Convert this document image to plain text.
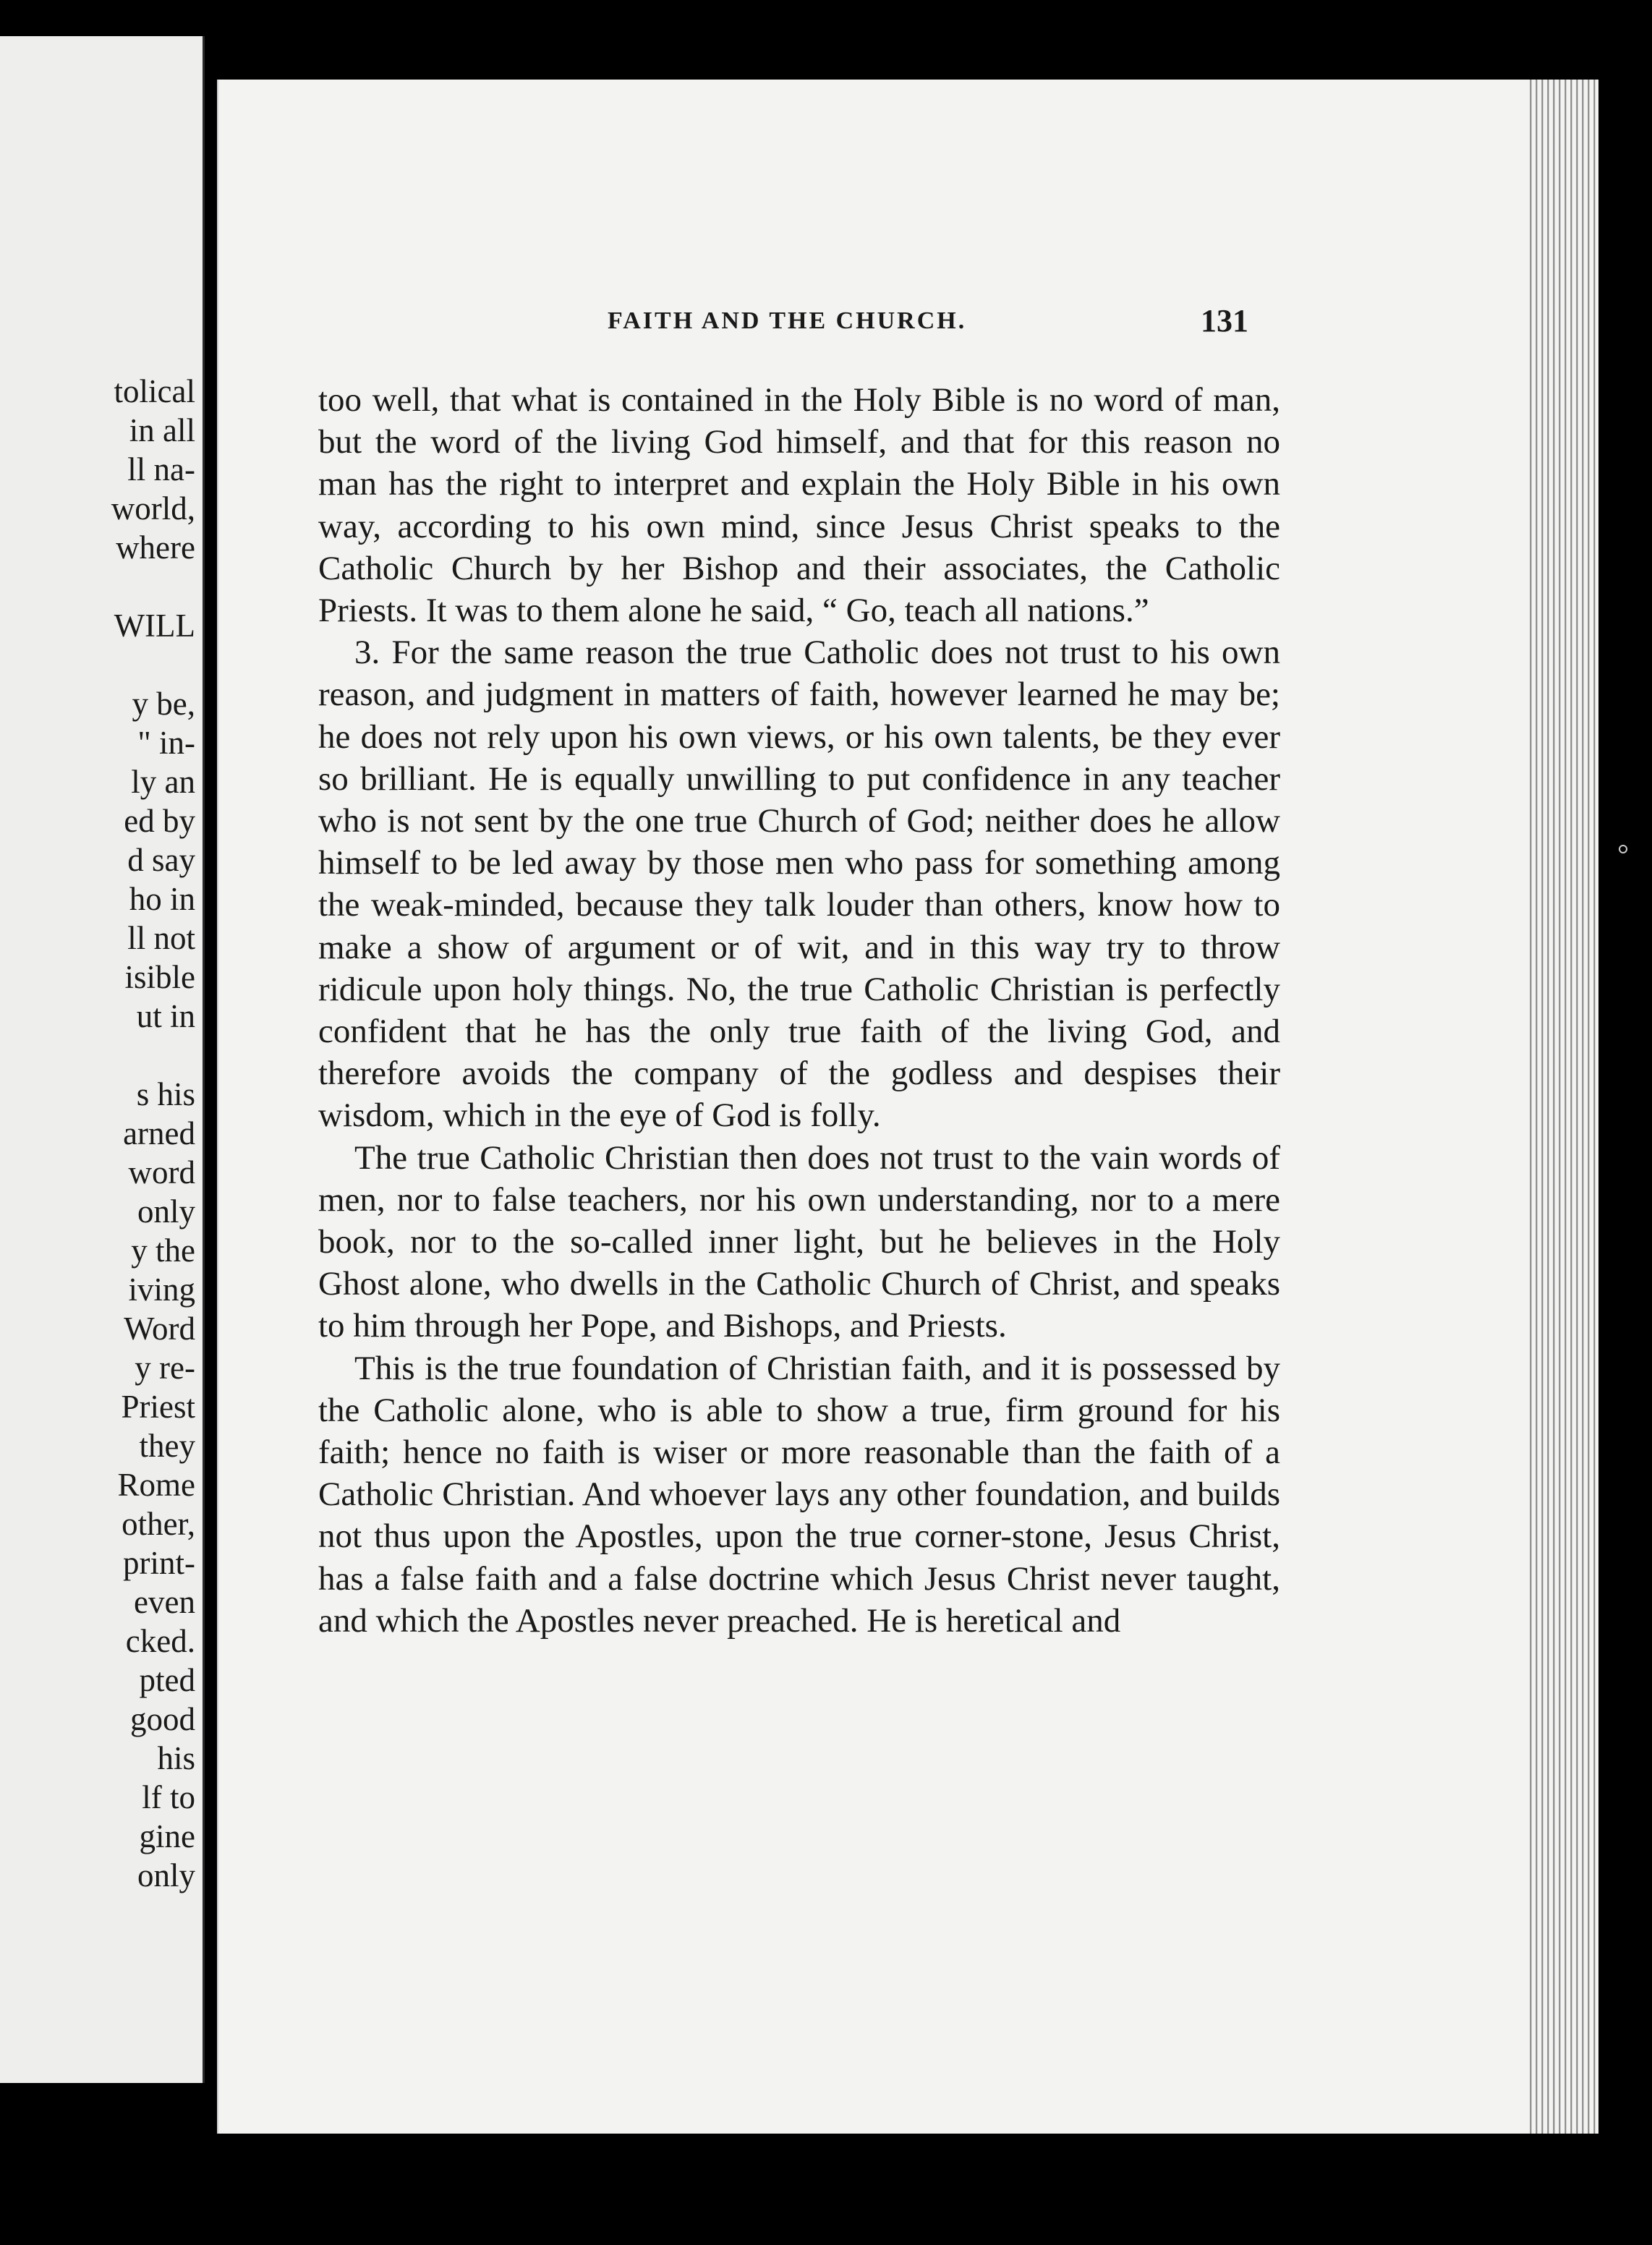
tolical
in all
ll na-
world,
where

WILL

y be,
" in-
ly an
ed by
d say
ho in
ll not
isible
ut in

s his
arned
word
only
y the
iving
Word
y re-
Priest
they
Rome
other,
print-
even
cked.
pted
good
his
lf to
gine
only
FAITH AND THE CHURCH.	131

too well, that what is contained in the Holy Bible is no word of man, but the word of the living God himself, and that for this reason no man has the right to interpret and explain the Holy Bible in his own way, according to his own mind, since Jesus Christ speaks to the Catholic Church by her Bishop and their associates, the Catholic Priests. It was to them alone he said, “ Go, teach all nations.”

3. For the same reason the true Catholic does not trust to his own reason, and judgment in matters of faith, however learned he may be; he does not rely upon his own views, or his own talents, be they ever so brilliant. He is equally unwilling to put confidence in any teacher who is not sent by the one true Church of God; neither does he allow himself to be led away by those men who pass for something among the weak-minded, because they talk louder than others, know how to make a show of argument or of wit, and in this way try to throw ridicule upon holy things. No, the true Catholic Christian is perfectly confident that he has the only true faith of the living God, and therefore avoids the company of the godless and despises their wisdom, which in the eye of God is folly.

The true Catholic Christian then does not trust to the vain words of men, nor to false teachers, nor his own understanding, nor to a mere book, nor to the so-called inner light, but he believes in the Holy Ghost alone, who dwells in the Catholic Church of Christ, and speaks to him through her Pope, and Bishops, and Priests.

This is the true foundation of Christian faith, and it is possessed by the Catholic alone, who is able to show a true, firm ground for his faith; hence no faith is wiser or more reasonable than the faith of a Catholic Christian. And whoever lays any other foundation, and builds not thus upon the Apostles, upon the true corner-stone, Jesus Christ, has a false faith and a false doctrine which Jesus Christ never taught, and which the Apostles never preached. He is heretical and
